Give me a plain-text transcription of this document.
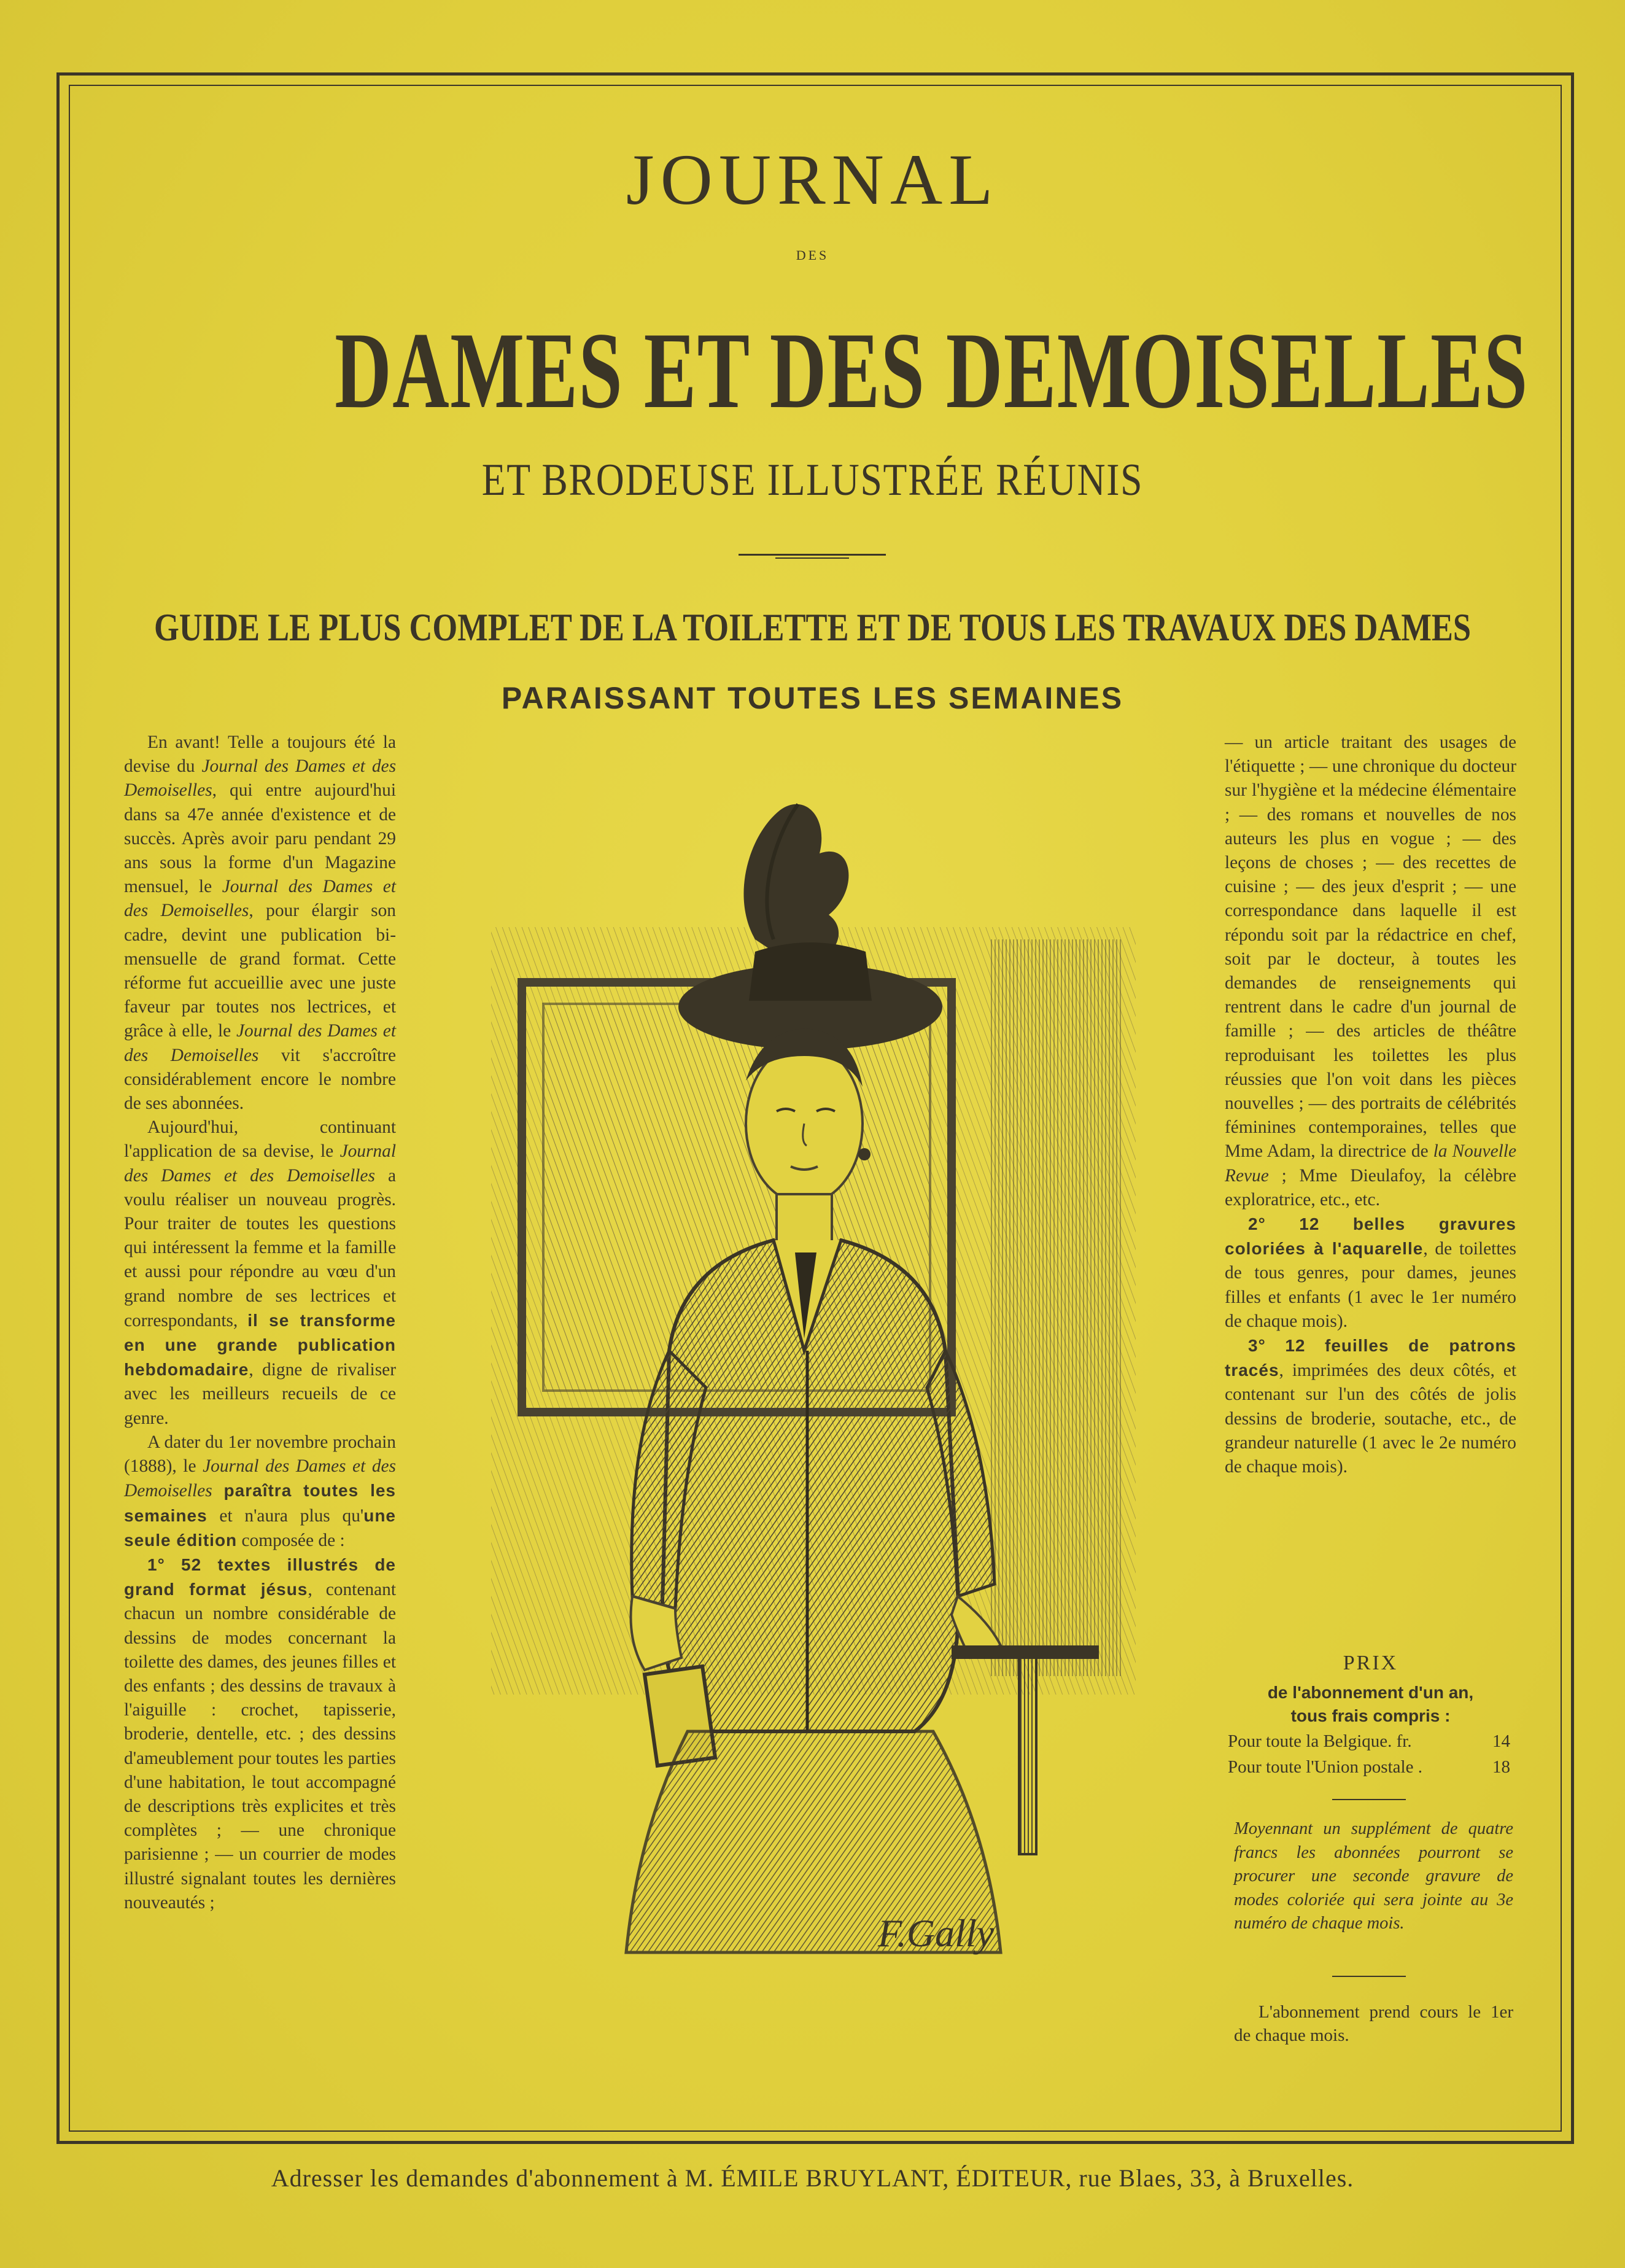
JOURNAL
DES
DAMES ET DES DEMOISELLES
ET BRODEUSE ILLUSTRÉE RÉUNIS
GUIDE LE PLUS COMPLET DE LA TOILETTE ET DE TOUS LES TRAVAUX DES DAMES
PARAISSANT TOUTES LES SEMAINES

En avant! Telle a toujours été la devise du Journal des Dames et des Demoiselles, qui entre aujourd'hui dans sa 47e année d'existence et de succès. Après avoir paru pendant 29 ans sous la forme d'un Magazine mensuel, le Journal des Dames et des Demoiselles, pour élargir son cadre, devint une publication bi-mensuelle de grand format. Cette réforme fut accueillie avec une juste faveur par toutes nos lectrices, et grâce à elle, le Journal des Dames et des Demoiselles vit s'accroître considérablement encore le nombre de ses abonnées.

Aujourd'hui, continuant l'application de sa devise, le Journal des Dames et des Demoiselles a voulu réaliser un nouveau progrès. Pour traiter de toutes les questions qui intéressent la femme et la famille et aussi pour répondre au vœu d'un grand nombre de ses lectrices et correspondants, il se transforme en une grande publication hebdomadaire, digne de rivaliser avec les meilleurs recueils de ce genre.

A dater du 1er novembre prochain (1888), le Journal des Dames et des Demoiselles paraîtra toutes les semaines et n'aura plus qu'une seule édition composée de :

1° 52 textes illustrés de grand format jésus, contenant chacun un nombre considérable de dessins de modes concernant la toilette des dames, des jeunes filles et des enfants ; des dessins de travaux à l'aiguille : crochet, tapisserie, broderie, dentelle, etc. ; des dessins d'ameublement pour toutes les parties d'une habitation, le tout accompagné de descriptions très explicites et très complètes ; — une chronique parisienne ; — un courrier de modes illustré signalant toutes les dernières nouveautés ;

— un article traitant des usages de l'étiquette ; — une chronique du docteur sur l'hygiène et la médecine élémentaire ; — des romans et nouvelles de nos auteurs les plus en vogue ; — des leçons de choses ; — des recettes de cuisine ; — des jeux d'esprit ; — une correspondance dans laquelle il est répondu soit par la rédactrice en chef, soit par le docteur, à toutes les demandes de renseignements qui rentrent dans le cadre d'un journal de famille ; — des articles de théâtre reproduisant les toilettes les plus réussies que l'on voit dans les pièces nouvelles ; — des portraits de célébrités féminines contemporaines, telles que Mme Adam, la directrice de la Nouvelle Revue ; Mme Dieulafoy, la célèbre exploratrice, etc., etc.

2° 12 belles gravures coloriées à l'aquarelle, de toilettes de tous genres, pour dames, jeunes filles et enfants (1 avec le 1er numéro de chaque mois).

3° 12 feuilles de patrons tracés, imprimées des deux côtés, et contenant sur l'un des côtés de jolis dessins de broderie, soutache, etc., de grandeur naturelle (1 avec le 2e numéro de chaque mois).

PRIX
de l'abonnement d'un an,
tous frais compris :
Pour toute la Belgique. fr.	14
Pour toute l'Union postale .	18
Moyennant un supplément de quatre francs les abonnées pourront se procurer une seconde gravure de modes coloriée qui sera jointe au 3e numéro de chaque mois.
L'abonnement prend cours le 1er de chaque mois.
F.Gally
Adresser les demandes d'abonnement à M. ÉMILE BRUYLANT, ÉDITEUR, rue Blaes, 33, à Bruxelles.
